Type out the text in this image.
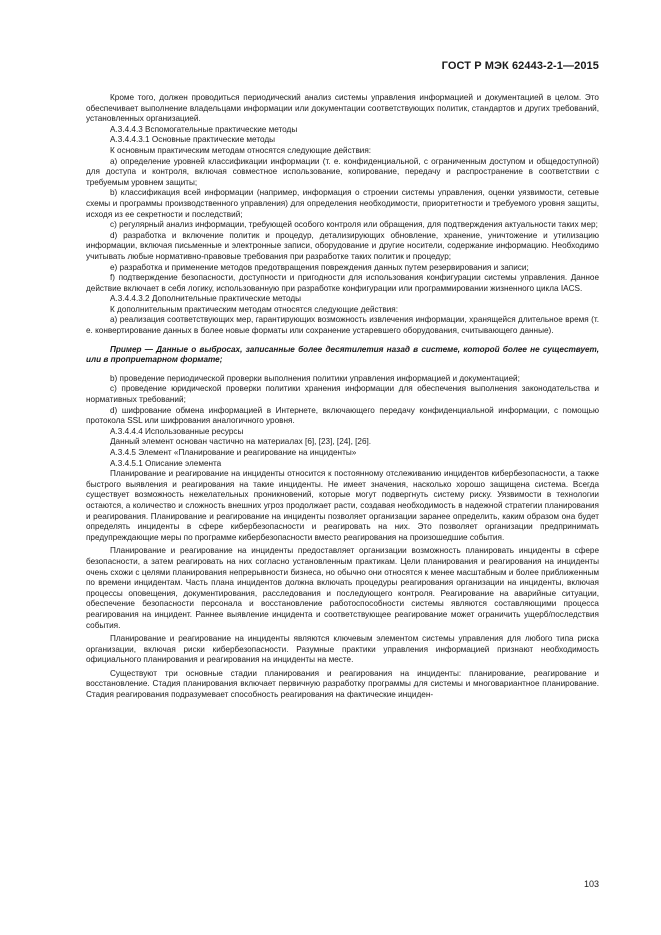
ГОСТ Р МЭК 62443-2-1—2015

Кроме того, должен проводиться периодический анализ системы управления информацией и документацией в целом. Это обеспечивает выполнение владельцами информации или документации соответствующих политик, стандартов и других требований, установленных организацией.

А.3.4.4.3 Вспомогательные практические методы

А.3.4.4.3.1 Основные практические методы

К основным практическим методам относятся следующие действия:

a) определение уровней классификации информации (т. е. конфиденциальной, с ограниченным доступом и общедоступной) для доступа и контроля, включая совместное использование, копирование, передачу и распространение в соответствии с требуемым уровнем защиты;

b) классификация всей информации (например, информация о строении системы управления, оценки уязвимости, сетевые схемы и программы производственного управления) для определения необходимости, приоритетности и требуемого уровня защиты, исходя из ее секретности и последствий;

c) регулярный анализ информации, требующей особого контроля или обращения, для подтверждения актуальности таких мер;

d) разработка и включение политик и процедур, детализирующих обновление, хранение, уничтожение и утилизацию информации, включая письменные и электронные записи, оборудование и другие носители, содержание информацию. Необходимо учитывать любые нормативно-правовые требования при разработке таких политик и процедур;

e) разработка и применение методов предотвращения повреждения данных путем резервирования и записи;

f) подтверждение безопасности, доступности и пригодности для использования конфигурации системы управления. Данное действие включает в себя логику, использованную при разработке конфигурации или программировании жизненного цикла IACS.

А.3.4.4.3.2 Дополнительные практические методы

К дополнительным практическим методам относятся следующие действия:

a) реализация соответствующих мер, гарантирующих возможность извлечения информации, хранящейся длительное время (т. е. конвертирование данных в более новые форматы или сохранение устаревшего оборудования, считывающего данные).

Пример — Данные о выбросах, записанные более десятилетия назад в системе, которой более не существует, или в проприетарном формате;

b) проведение периодической проверки выполнения политики управления информацией и документацией;

c) проведение юридической проверки политики хранения информации для обеспечения выполнения законодательства и нормативных требований;

d) шифрование обмена информацией в Интернете, включающего передачу конфиденциальной информации, с помощью протокола SSL или шифрования аналогичного уровня.

А.3.4.4.4 Использованные ресурсы

Данный элемент основан частично на материалах [6], [23], [24], [26].

А.3.4.5 Элемент «Планирование и реагирование на инциденты»

А.3.4.5.1 Описание элемента

Планирование и реагирование на инциденты относится к постоянному отслеживанию инцидентов кибербезопасности, а также быстрого выявления и реагирования на такие инциденты. Не имеет значения, насколько хорошо защищена система. Всегда существует возможность нежелательных проникновений, которые могут подвергнуть систему риску. Уязвимости в технологии остаются, а количество и сложность внешних угроз продолжает расти, создавая необходимость в надежной стратегии планирования и реагирования. Планирование и реагирование на инциденты позволяет организации заранее определить, каким образом она будет определять инциденты в сфере кибербезопасности и реагировать на них. Это позволяет организации предпринимать предупреждающие меры по программе кибербезопасности вместо реагирования на произошедшие события.

Планирование и реагирование на инциденты предоставляет организации возможность планировать инциденты в сфере безопасности, а затем реагировать на них согласно установленным практикам. Цели планирования и реагирования на инциденты очень схожи с целями планирования непрерывности бизнеса, но обычно они относятся к менее масштабным и более приближенным по времени инцидентам. Часть плана инцидентов должна включать процедуры реагирования организации на инциденты, включая процессы оповещения, документирования, расследования и последующего контроля. Реагирование на аварийные ситуации, обеспечение безопасности персонала и восстановление работоспособности системы являются составляющими процесса реагирования на инцидент. Раннее выявление инцидента и соответствующее реагирование может ограничить ущерб/последствия события.

Планирование и реагирование на инциденты являются ключевым элементом системы управления для любого типа риска организации, включая риски кибербезопасности. Разумные практики управления информацией признают необходимость официального планирования и реагирования на инциденты на месте.

Существуют три основные стадии планирования и реагирования на инциденты: планирование, реагирование и восстановление. Стадия планирования включает первичную разработку программы для системы и многовариантное планирование. Стадия реагирования подразумевает способность реагирования на фактические инциден-

103
